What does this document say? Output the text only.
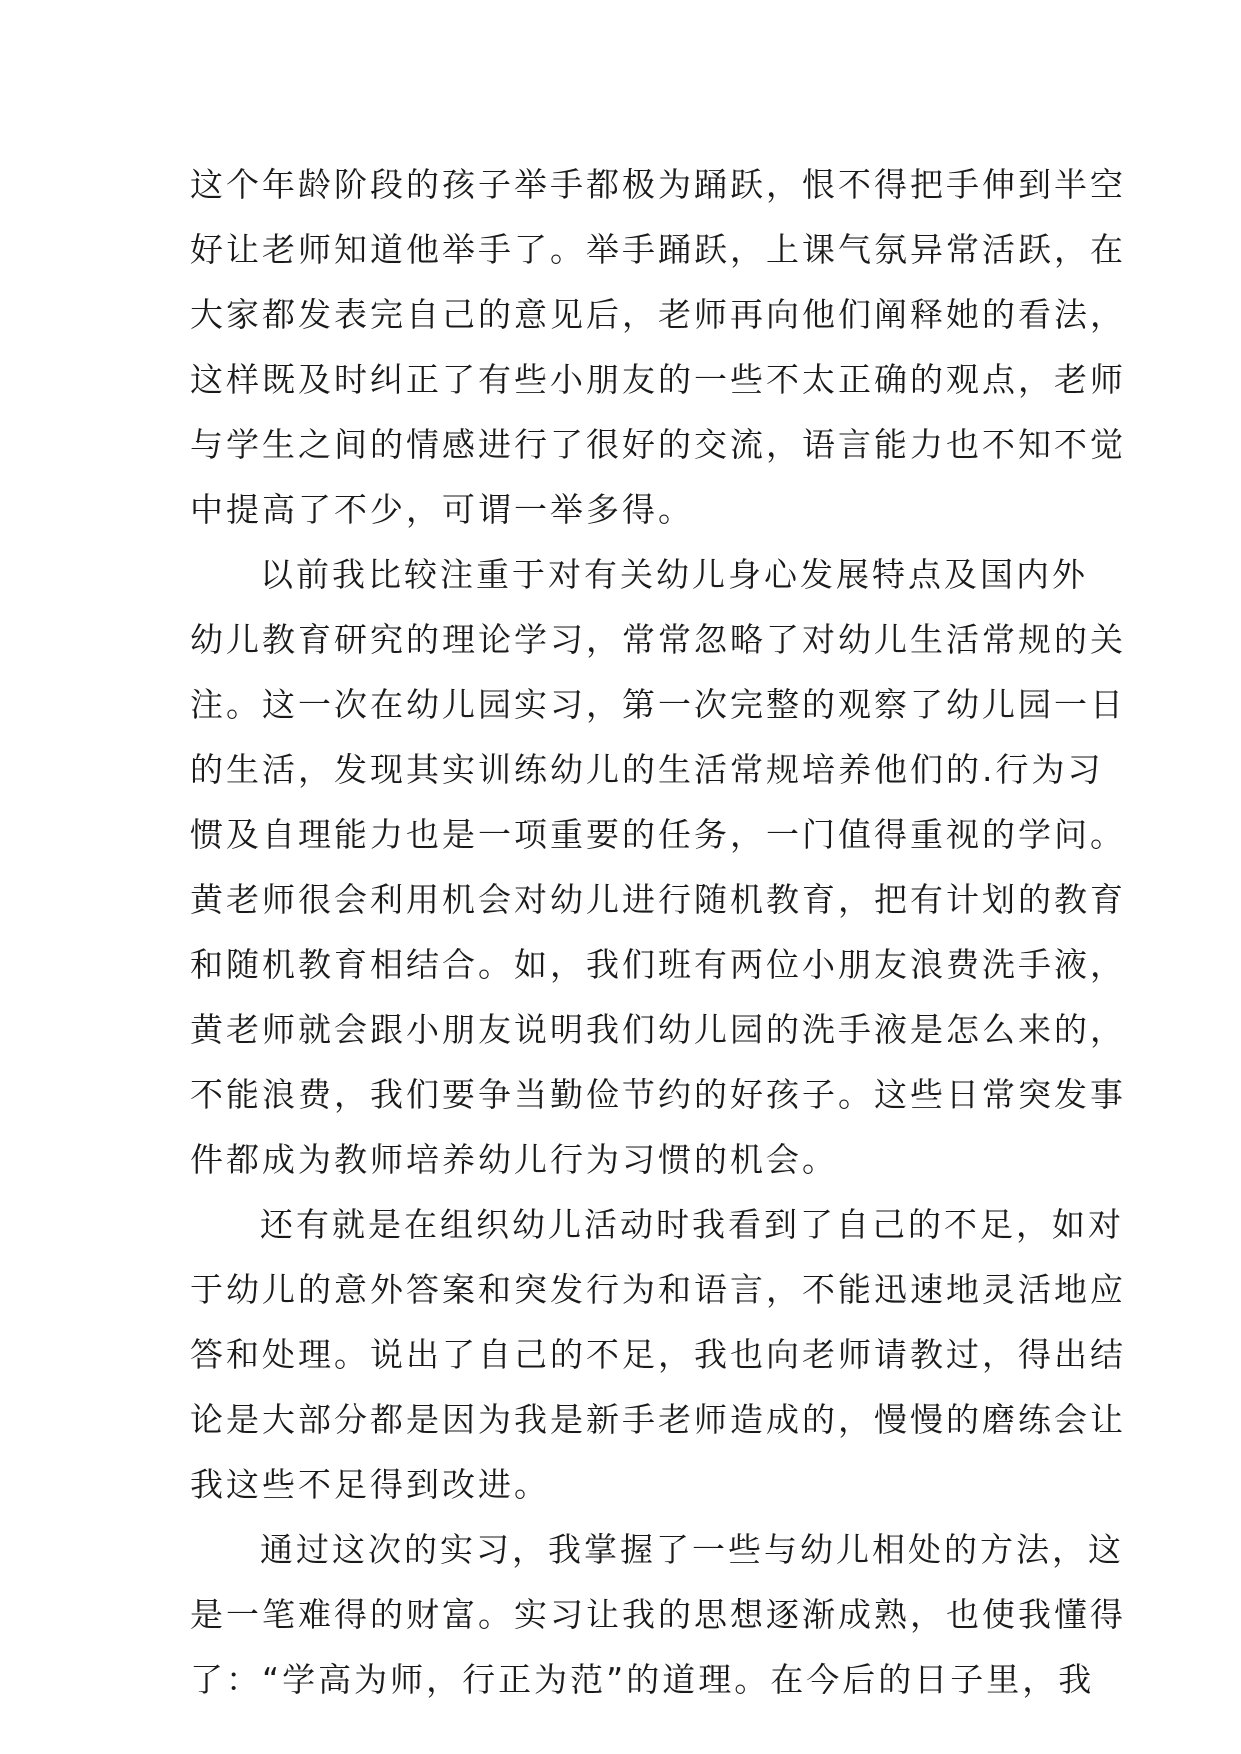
这个年龄阶段的孩子举手都极为踊跃，恨不得把手伸到半空
好让老师知道他举手了。举手踊跃，上课气氛异常活跃，在
大家都发表完自己的意见后，老师再向他们阐释她的看法，
这样既及时纠正了有些小朋友的一些不太正确的观点，老师
与学生之间的情感进行了很好的交流，语言能力也不知不觉
中提高了不少，可谓一举多得。
以前我比较注重于对有关幼儿身心发展特点及国内外
幼儿教育研究的理论学习，常常忽略了对幼儿生活常规的关
注。这一次在幼儿园实习，第一次完整的观察了幼儿园一日
的生活，发现其实训练幼儿的生活常规培养他们的.行为习
惯及自理能力也是一项重要的任务，一门值得重视的学问。
黄老师很会利用机会对幼儿进行随机教育，把有计划的教育
和随机教育相结合。如，我们班有两位小朋友浪费洗手液，
黄老师就会跟小朋友说明我们幼儿园的洗手液是怎么来的，
不能浪费，我们要争当勤俭节约的好孩子。这些日常突发事
件都成为教师培养幼儿行为习惯的机会。
还有就是在组织幼儿活动时我看到了自己的不足，如对
于幼儿的意外答案和突发行为和语言，不能迅速地灵活地应
答和处理。说出了自己的不足，我也向老师请教过，得出结
论是大部分都是因为我是新手老师造成的，慢慢的磨练会让
我这些不足得到改进。
通过这次的实习，我掌握了一些与幼儿相处的方法，这
是一笔难得的财富。实习让我的思想逐渐成熟，也使我懂得
了：“学高为师，行正为范”的道理。在今后的日子里，我
